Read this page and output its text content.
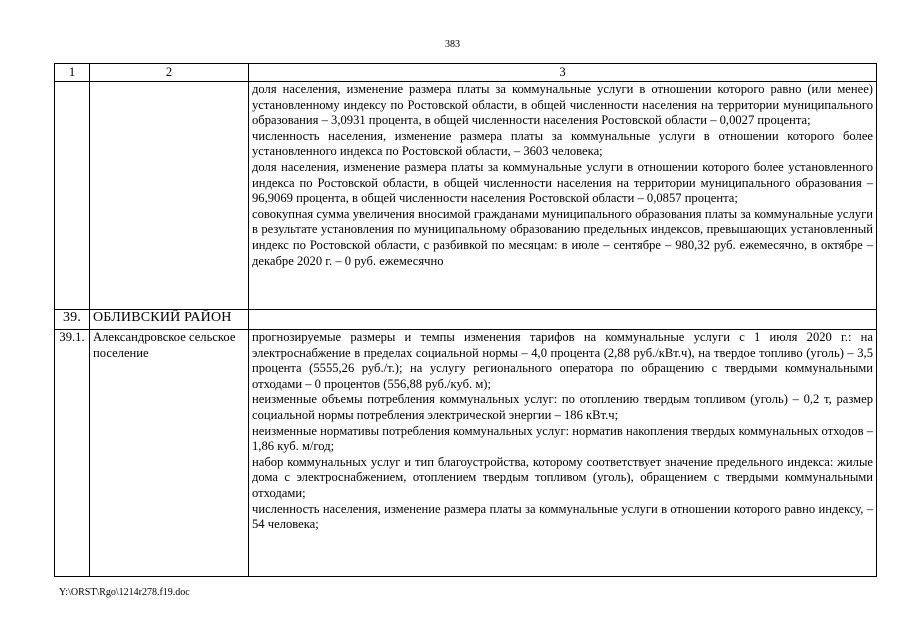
383
1	2	3

		доля населения, изменение размера платы за коммунальные услуги в отношении которого равно (или менее) установленному индексу по Ростовской области, в общей численности населения на территории муниципального образования – 3,0931 процента, в общей численности населения Ростовской области – 0,0027 процента;

численность населения, изменение размера платы за коммунальные услуги в отношении которого более установленного индекса по Ростовской области, – 3603 человека;

доля населения, изменение размера платы за коммунальные услуги в отношении которого более установленного индекса по Ростовской области, в общей численности населения на территории муниципального образования – 96,9069 процента, в общей численности населения Ростовской области – 0,0857 процента;

совокупная сумма увеличения вносимой гражданами муниципального образования платы за коммунальные услуги в результате установления по муниципальному образованию предельных индексов, превышающих установленный индекс по Ростовской области, с разбивкой по месяцам: в июле – сентябре – 980,32 руб. ежемесячно, в октябре – декабре 2020 г. – 0 руб. ежемесячно

39.	ОБЛИВСКИЙ РАЙОН	
39.1.	Александровское сельское поселение	прогнозируемые размеры и темпы изменения тарифов на коммунальные услуги с 1 июля 2020 г.: на электроснабжение в пределах социальной нормы – 4,0 процента (2,88 руб./кВт.ч), на твердое топливо (уголь) – 3,5 процента (5555,26 руб./т.); на услугу регионального оператора по обращению с твердыми коммунальными отходами – 0 процентов (556,88 руб./куб. м);

неизменные объемы потребления коммунальных услуг: по отоплению твердым топливом (уголь) – 0,2 т, размер социальной нормы потребления электрической энергии – 186 кВт.ч;

неизменные нормативы потребления коммунальных услуг: норматив накопления твердых коммунальных отходов – 1,86 куб. м/год;

набор коммунальных услуг и тип благоустройства, которому соответствует значение предельного индекса: жилые дома с электроснабжением, отоплением твердым топливом (уголь), обращением с твердыми коммунальными отходами;

численность населения, изменение размера платы за коммунальные услуги в отношении которого равно индексу, – 54 человека;

Y:\ORST\Rgo\1214r278.f19.doc
